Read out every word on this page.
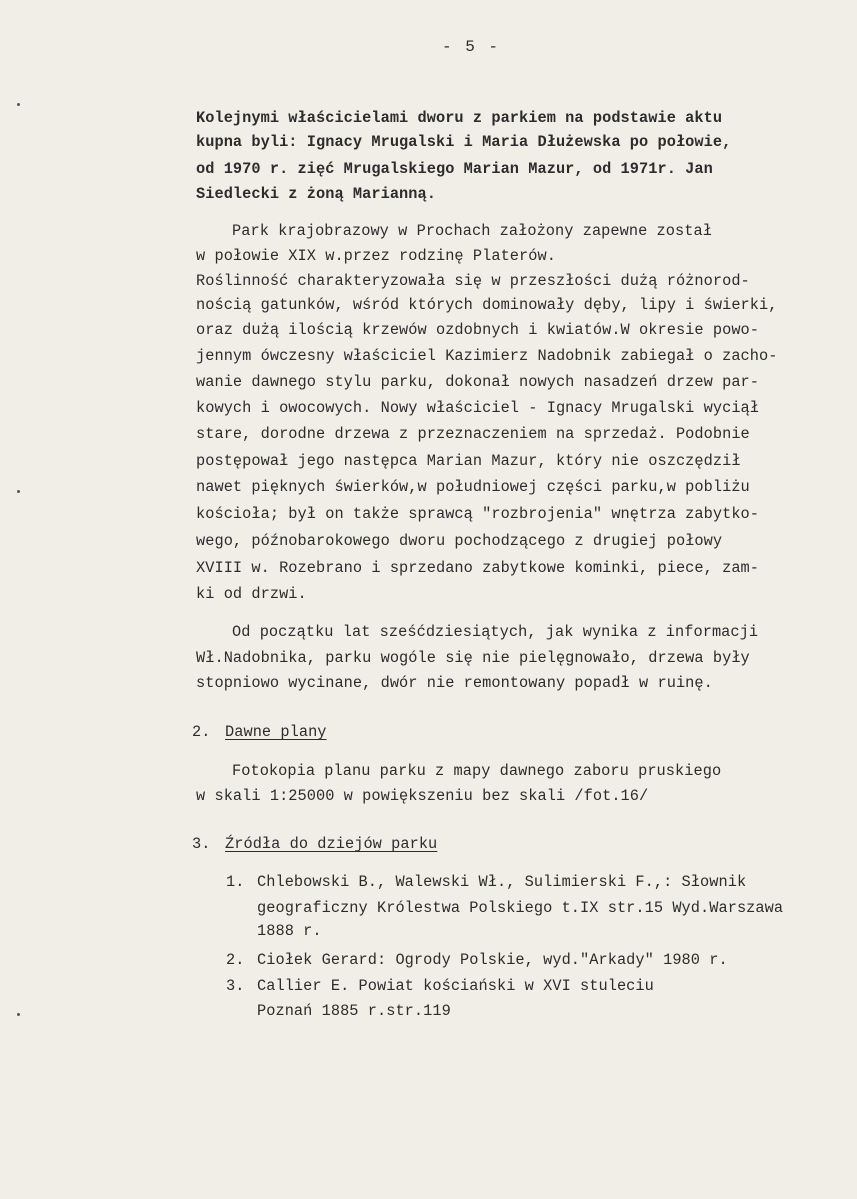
- 5 -
Kolejnymi właścicielami dworu z parkiem na podstawie aktu
kupna byli: Ignacy Mrugalski i Maria Dłużewska po połowie,
od 1970 r. zięć Mrugalskiego Marian Mazur, od 1971r. Jan
Siedlecki z żoną Marianną.
Park krajobrazowy w Prochach założony zapewne został
w połowie XIX w.przez rodzinę Platerów.
Roślinność charakteryzowała się w przeszłości dużą różnorod-
nością gatunków, wśród których dominowały dęby, lipy i świerki,
oraz dużą ilością krzewów ozdobnych i kwiatów.W okresie powo-
jennym ówczesny właściciel Kazimierz Nadobnik zabiegał o zacho-
wanie dawnego stylu parku, dokonał nowych nasadzeń drzew par-
kowych i owocowych. Nowy właściciel - Ignacy Mrugalski wyciął
stare, dorodne drzewa z przeznaczeniem na sprzedaż. Podobnie
postępował jego następca Marian Mazur, który nie oszczędził
nawet pięknych świerków,w południowej części parku,w pobliżu
kościoła; był on także sprawcą "rozbrojenia" wnętrza zabytko-
wego, późnobarokowego dworu pochodzącego z drugiej połowy
XVIII w. Rozebrano i sprzedano zabytkowe kominki, piece, zam-
ki od drzwi.
Od początku lat sześćdziesiątych, jak wynika z informacji
Wł.Nadobnika, parku wogóle się nie pielęgnowało, drzewa były
stopniowo wycinane, dwór nie remontowany popadł w ruinę.
2. Dawne plany
Fotokopia planu parku z mapy dawnego zaboru pruskiego
w skali 1:25000 w powiększeniu bez skali /fot.16/
3. Źródła do dziejów parku
1. Chlebowski B., Walewski Wł., Sulimierski F.,: Słownik
geograficzny Królestwa Polskiego t.IX str.15 Wyd.Warszawa
1888 r.
2. Ciołek Gerard: Ogrody Polskie, wyd."Arkady" 1980 r.
3. Callier E. Powiat kościański w XVI stuleciu
Poznań 1885 r.str.119
